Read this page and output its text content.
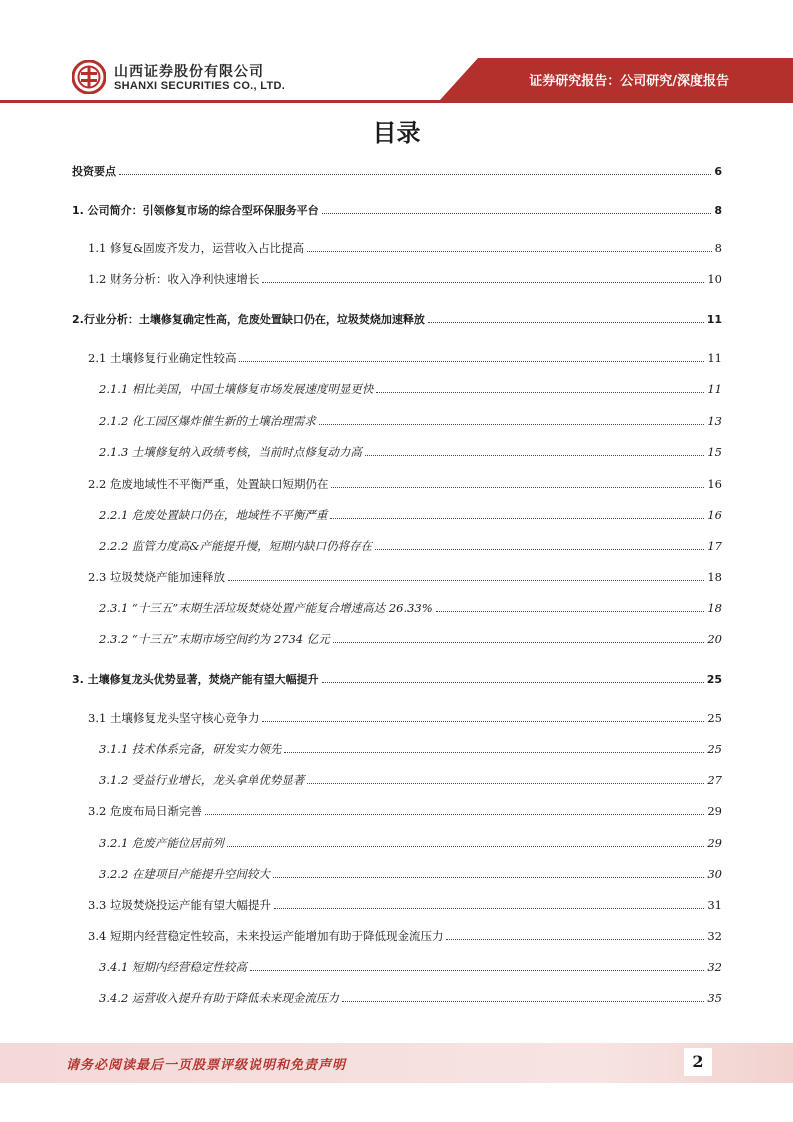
山西证券股份有限公司
SHANXI SECURITIES CO., LTD.	证券研究报告：公司研究/深度报告
目录
投资要点	6
1. 公司简介：引领修复市场的综合型环保服务平台	8
1.1 修复&固废齐发力，运营收入占比提高	8
1.2 财务分析：收入净利快速增长	10
2.行业分析：土壤修复确定性高，危废处置缺口仍在，垃圾焚烧加速释放	11
2.1 土壤修复行业确定性较高	11
2.1.1 相比美国，中国土壤修复市场发展速度明显更快	11
2.1.2 化工园区爆炸催生新的土壤治理需求	13
2.1.3 土壤修复纳入政绩考核，当前时点修复动力高	15
2.2 危废地域性不平衡严重，处置缺口短期仍在	16
2.2.1 危废处置缺口仍在，地域性不平衡严重	16
2.2.2 监管力度高&产能提升慢，短期内缺口仍将存在	17
2.3 垃圾焚烧产能加速释放	18
2.3.1 “十三五”末期生活垃圾焚烧处置产能复合增速高达 26.33%	18
2.3.2 “十三五”末期市场空间约为 2734 亿元	20
3. 土壤修复龙头优势显著，焚烧产能有望大幅提升	25
3.1 土壤修复龙头坚守核心竞争力	25
3.1.1 技术体系完备，研发实力领先	25
3.1.2 受益行业增长，龙头拿单优势显著	27
3.2 危废布局日渐完善	29
3.2.1 危废产能位居前列	29
3.2.2 在建项目产能提升空间较大	30
3.3 垃圾焚烧投运产能有望大幅提升	31
3.4 短期内经营稳定性较高，未来投运产能增加有助于降低现金流压力	32
3.4.1 短期内经营稳定性较高	32
3.4.2 运营收入提升有助于降低未来现金流压力	35
请务必阅读最后一页股票评级说明和免责声明	2
